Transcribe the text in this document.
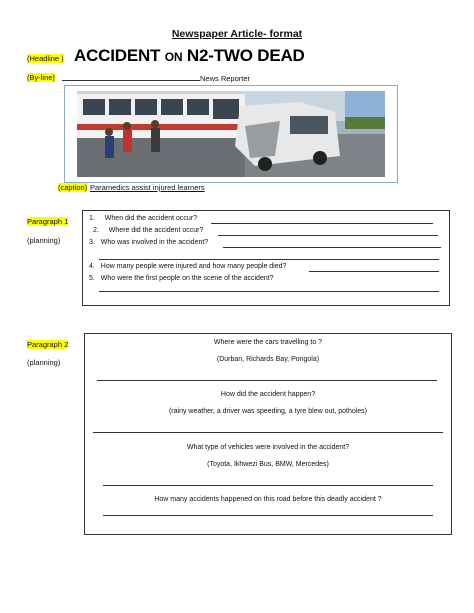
Newspaper Article- format
(Headline ) ACCIDENT ON N2-TWO DEAD
(By-line)	News Reporter
(caption) Paramedics assist injured learners
Paragraph 1
(planning)
1. When did the accident occur?
2. Where did the accident occur?
3. Who was involved in the accident?
4. How many people were injured and how many people died?
5. Who were the first people on the scene of the accident?
Paragraph 2
(planning)
Where were the cars travelling to ?
(Durban, Richards Bay, Pongola)
How did the accident happen?
(rainy weather, a driver was speeding, a tyre blew out, potholes)
What type of vehicles were involved in the accident?
(Toyota, Ikhwezi Bus, BMW, Mercedes)
How many accidents happened on this road before this deadly accident ?
